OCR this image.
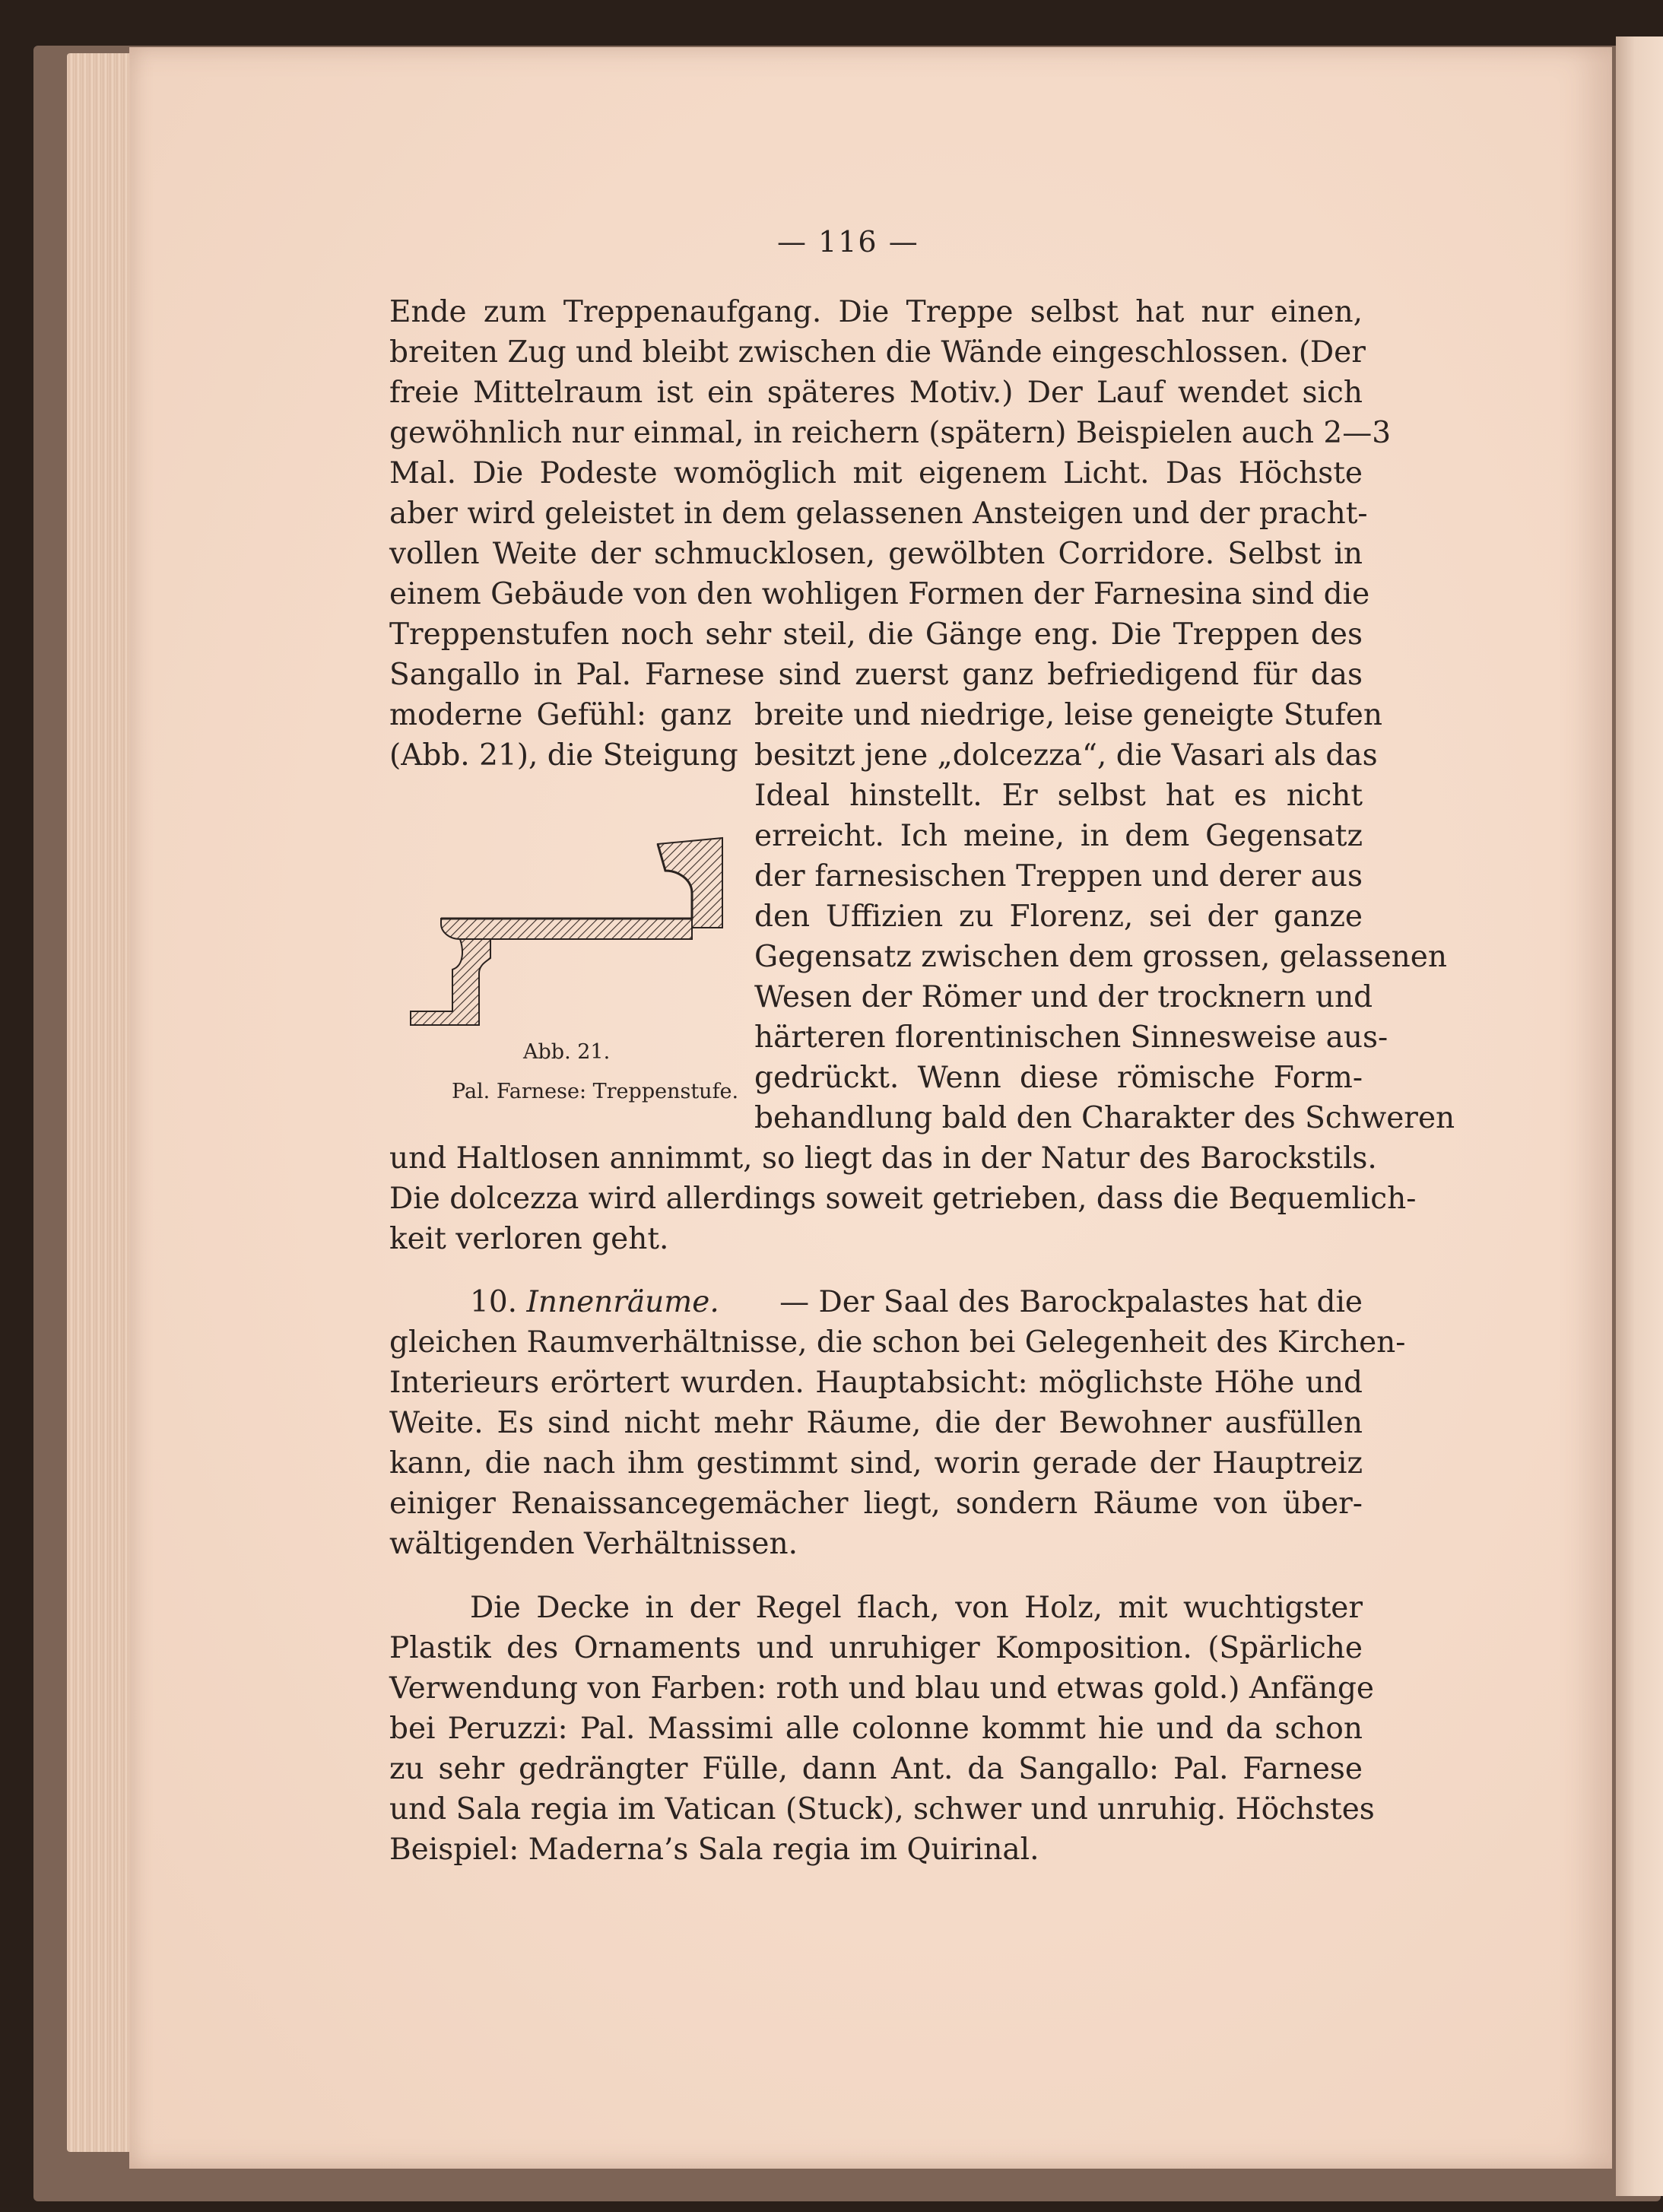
— 116 —
Ende zum Treppenaufgang. Die Treppe selbst hat nur einen,
breiten Zug und bleibt zwischen die Wände eingeschlossen. (Der
freie Mittelraum ist ein späteres Motiv.) Der Lauf wendet sich
gewöhnlich nur einmal, in reichern (spätern) Beispielen auch 2—3
Mal. Die Podeste womöglich mit eigenem Licht. Das Höchste
aber wird geleistet in dem gelassenen Ansteigen und der pracht-
vollen Weite der schmucklosen, gewölbten Corridore. Selbst in
einem Gebäude von den wohligen Formen der Farnesina sind die
Treppenstufen noch sehr steil, die Gänge eng. Die Treppen des
Sangallo in Pal. Farnese sind zuerst ganz befriedigend für das
moderne Gefühl: ganz breite und niedrige, leise geneigte Stufen
(Abb. 21), die Steigung besitzt jene „dolcezza“, die Vasari als das
Ideal hinstellt. Er selbst hat es nicht
erreicht. Ich meine, in dem Gegensatz
der farnesischen Treppen und derer aus
den Uffizien zu Florenz, sei der ganze
Gegensatz zwischen dem grossen, gelassenen
Wesen der Römer und der trocknern und
härteren florentinischen Sinnesweise aus-
gedrückt. Wenn diese römische Form-
behandlung bald den Charakter des Schweren
Abb. 21.
Pal. Farnese: Treppenstufe.
und Haltlosen annimmt, so liegt das in der Natur des Barockstils.
Die dolcezza wird allerdings soweit getrieben, dass die Bequemlich-
keit verloren geht.
10. Innenräume. — Der Saal des Barockpalastes hat die
gleichen Raumverhältnisse, die schon bei Gelegenheit des Kirchen-
Interieurs erörtert wurden. Hauptabsicht: möglichste Höhe und
Weite. Es sind nicht mehr Räume, die der Bewohner ausfüllen
kann, die nach ihm gestimmt sind, worin gerade der Hauptreiz
einiger Renaissancegemächer liegt, sondern Räume von über-
wältigenden Verhältnissen.
Die Decke in der Regel flach, von Holz, mit wuchtigster
Plastik des Ornaments und unruhiger Komposition. (Spärliche
Verwendung von Farben: roth und blau und etwas gold.) Anfänge
bei Peruzzi: Pal. Massimi alle colonne kommt hie und da schon
zu sehr gedrängter Fülle, dann Ant. da Sangallo: Pal. Farnese
und Sala regia im Vatican (Stuck), schwer und unruhig. Höchstes
Beispiel: Maderna’s Sala regia im Quirinal.
